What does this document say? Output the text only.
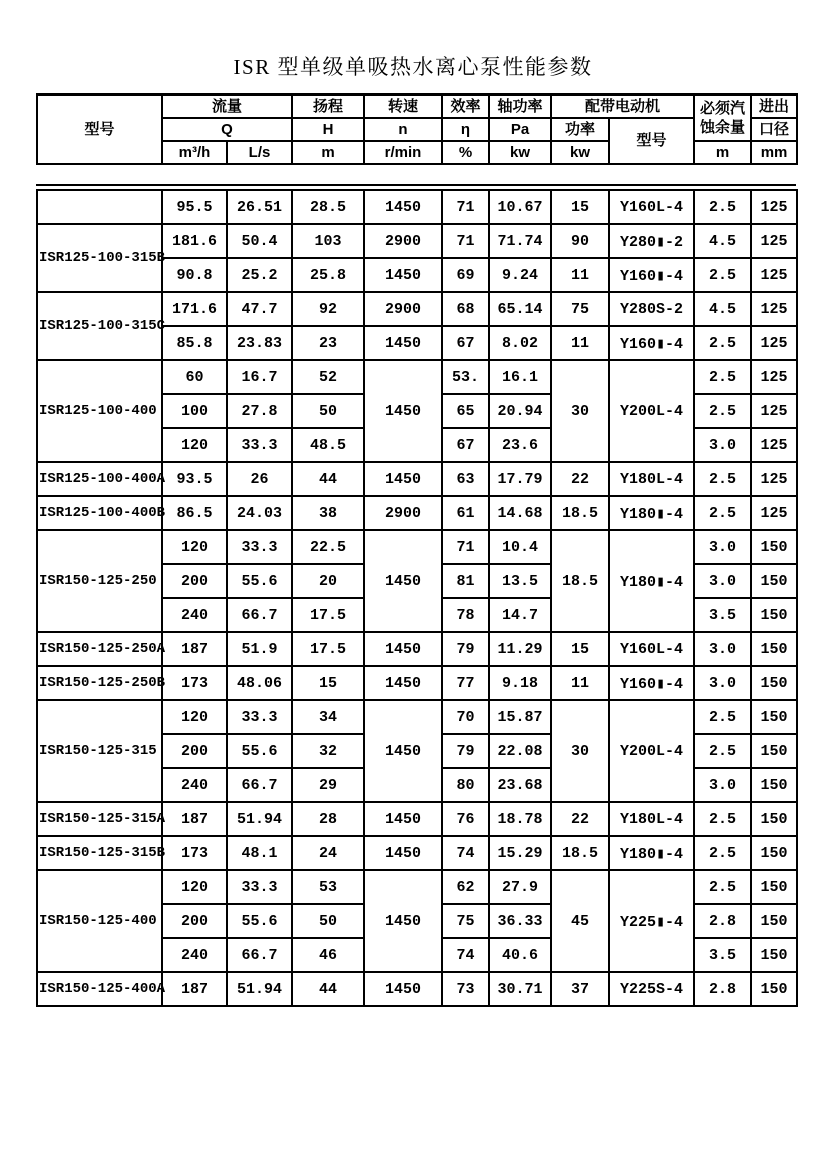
ISR 型单级单吸热水离心泵性能参数
型号	流量		扬程	转速	效率	轴功率	配带电动机		必须汽
蚀余量	进出
	Q		H	n	η	Pa	功率	型号		口径
	m³/h	L/s	m	r/min	%	kw	kw		m	mm
	95.5	26.51	28.5	1450	71	10.67	15	Y160L-4	2.5	125
ISR125-100-315B	181.6	50.4	103	2900	71	71.74	90	Y280▮-2	4.5	125
	90.8	25.2	25.8	1450	69	9.24	11	Y160▮-4	2.5	125
ISR125-100-315C	171.6	47.7	92	2900	68	65.14	75	Y280S-2	4.5	125
	85.8	23.83	23	1450	67	8.02	11	Y160▮-4	2.5	125
ISR125-100-400	60	16.7	52	1450	53.	16.1	30	Y200L-4	2.5	125
	100	27.8	50		65	20.94			2.5	125
	120	33.3	48.5		67	23.6			3.0	125
ISR125-100-400A	93.5	26	44	1450	63	17.79	22	Y180L-4	2.5	125
ISR125-100-400B	86.5	24.03	38	2900	61	14.68	18.5	Y180▮-4	2.5	125
ISR150-125-250	120	33.3	22.5	1450	71	10.4	18.5	Y180▮-4	3.0	150
	200	55.6	20		81	13.5			3.0	150
	240	66.7	17.5		78	14.7			3.5	150
ISR150-125-250A	187	51.9	17.5	1450	79	11.29	15	Y160L-4	3.0	150
ISR150-125-250B	173	48.06	15	1450	77	9.18	11	Y160▮-4	3.0	150
ISR150-125-315	120	33.3	34	1450	70	15.87	30	Y200L-4	2.5	150
	200	55.6	32		79	22.08			2.5	150
	240	66.7	29		80	23.68			3.0	150
ISR150-125-315A	187	51.94	28	1450	76	18.78	22	Y180L-4	2.5	150
ISR150-125-315B	173	48.1	24	1450	74	15.29	18.5	Y180▮-4	2.5	150
ISR150-125-400	120	33.3	53	1450	62	27.9	45	Y225▮-4	2.5	150
	200	55.6	50		75	36.33			2.8	150
	240	66.7	46		74	40.6			3.5	150
ISR150-125-400A	187	51.94	44	1450	73	30.71	37	Y225S-4	2.8	150
